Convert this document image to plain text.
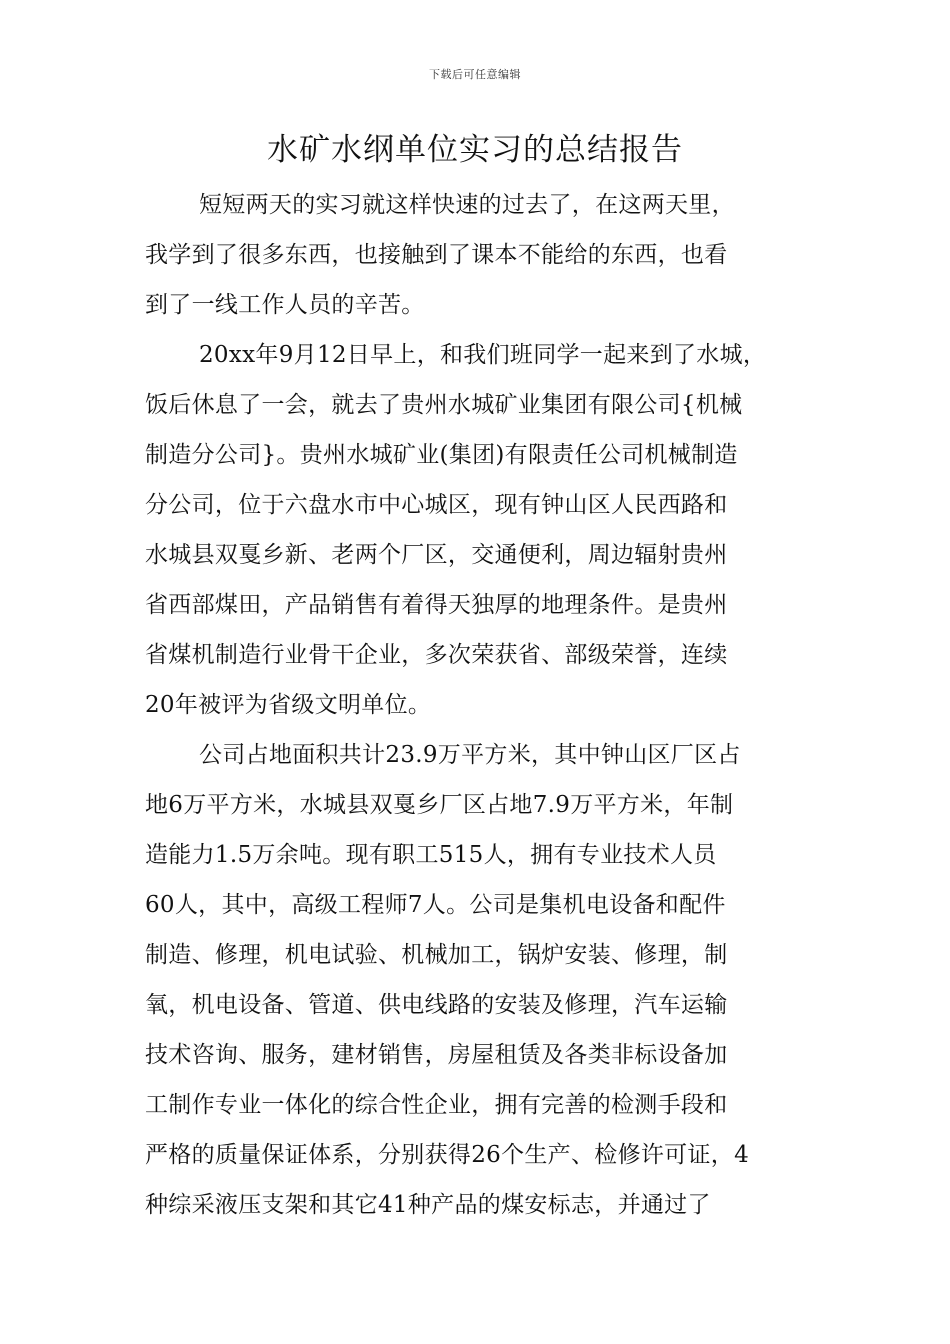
下载后可任意编辑
水矿水纲单位实习的总结报告
短短两天的实习就这样快速的过去了，在这两天里，
我学到了很多东西，也接触到了课本不能给的东西，也看
到了一线工作人员的辛苦。
20xx年9月12日早上，和我们班同学一起来到了水城，
饭后休息了一会，就去了贵州水城矿业集团有限公司{机械
制造分公司}。贵州水城矿业(集团)有限责任公司机械制造
分公司，位于六盘水市中心城区，现有钟山区人民西路和
水城县双戛乡新、老两个厂区，交通便利，周边辐射贵州
省西部煤田，产品销售有着得天独厚的地理条件。是贵州
省煤机制造行业骨干企业，多次荣获省、部级荣誉，连续
20年被评为省级文明单位。
公司占地面积共计23.9万平方米，其中钟山区厂区占
地6万平方米，水城县双戛乡厂区占地7.9万平方米，年制
造能力1.5万余吨。现有职工515人，拥有专业技术人员
60人，其中，高级工程师7人。公司是集机电设备和配件
制造、修理，机电试验、机械加工，锅炉安装、修理，制
氧，机电设备、管道、供电线路的安装及修理，汽车运输
技术咨询、服务，建材销售，房屋租赁及各类非标设备加
工制作专业一体化的综合性企业，拥有完善的检测手段和
严格的质量保证体系，分别获得26个生产、检修许可证，4
种综采液压支架和其它41种产品的煤安标志，并通过了
